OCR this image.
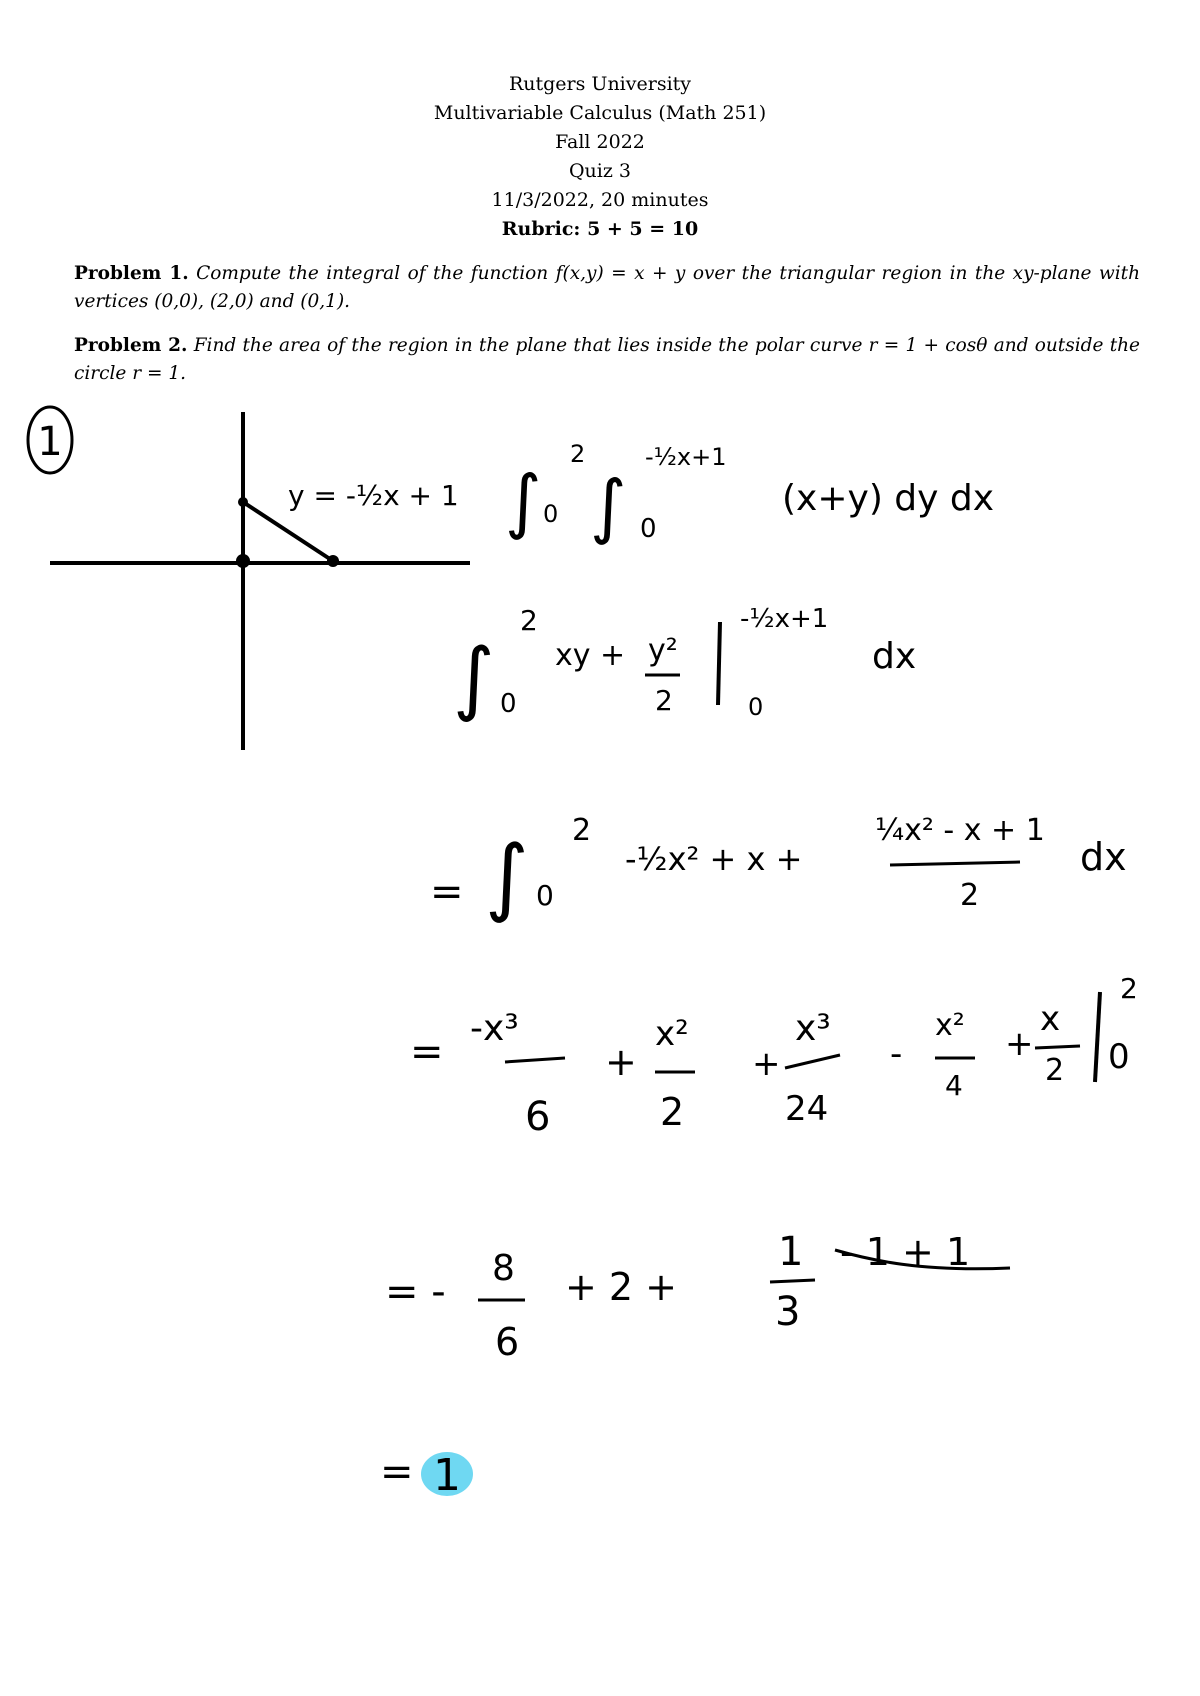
Rutgers University
Multivariable Calculus (Math 251)
Fall 2022
Quiz 3
11/3/2022, 20 minutes
Rubric: 5 + 5 = 10
Problem 1. Compute the integral of the function f(x,y) = x + y over the triangular region in the xy-plane with vertices (0,0), (2,0) and (0,1).
Problem 2. Find the area of the region in the plane that lies inside the polar curve r = 1 + cosθ and outside the circle r = 1.
1
y = -½x + 1 ∫ 0
2
∫ 0
-½x+1
(x+y) dy dx
∫ 0
2
xy + y²
2
-½x+1
0
dx
= ∫ 0
2
-½x² + x +
¼x² - x + 1
2
dx
=
-x³
6
+
x²
2
+
x³
24
-
x²
4
+
x
2
2
0
= -
8
6
+ 2 +
1
3
- 1 + 1
= 1
